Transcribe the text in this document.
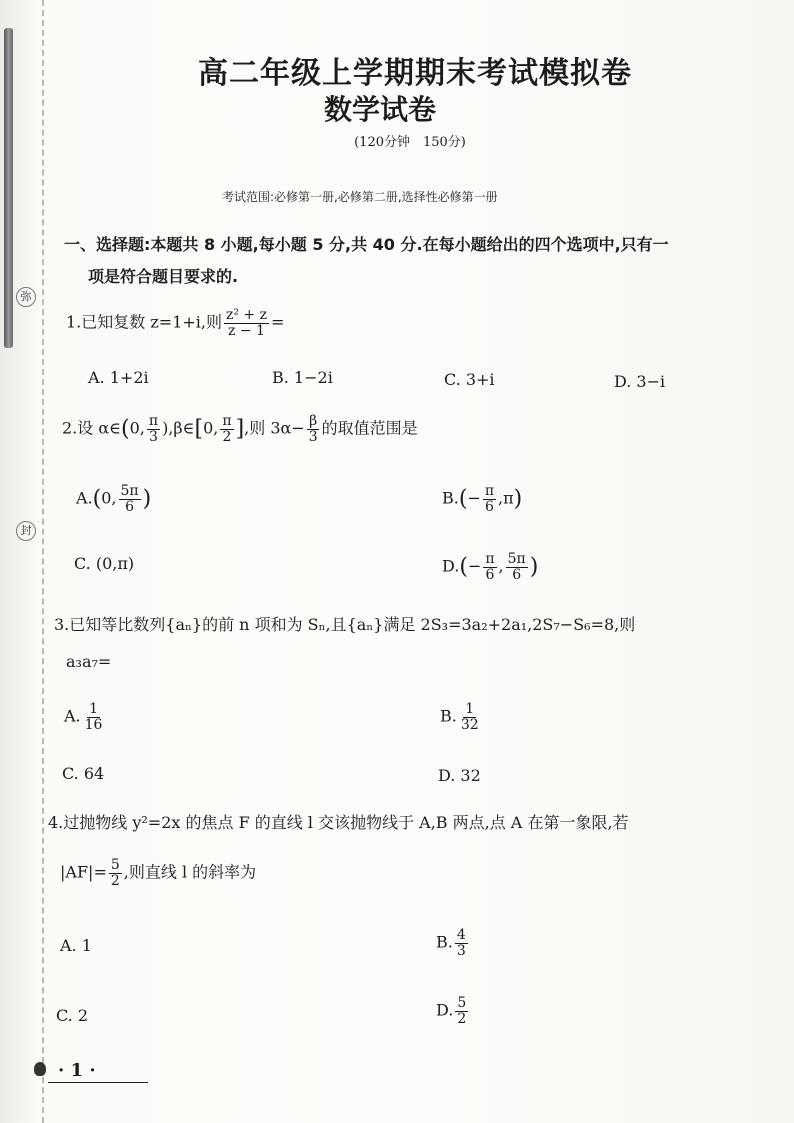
弥
封
高二年级上学期期末考试模拟卷
数学试卷
(120分钟　150分)
考试范围:必修第一册,必修第二册,选择性必修第一册
一、选择题:本题共 8 小题,每小题 5 分,共 40 分.在每小题给出的四个选项中,只有一
项是符合题目要求的.
1.已知复数 z=1+i,则 $\frac{\text{z² + z}}{z - 1}$ =
A. 1+2i	B. 1−2i	C. 3+i	D. 3−i
2.设 α∈(0, $\frac{\pi}{3}$ ),β∈[0, $\frac{\pi}{2}$ ],则 $3\alpha- \frac{\beta}{3}$ 的取值范围是
A.(0, $\frac{5\pi}{6}$ )	$B.(- \frac{\pi}{6} ,\pi)$
C. (0,π)	$D.(- \frac{\pi}{6}$ , $\frac{5\pi}{6}$ )
3.已知等比数列{aₙ}的前 n 项和为 Sₙ,且{aₙ}满足 2S₃=3a₂+2a₁,2S₇−S₆=8,则
a₃a₇=
A. $\frac{1}{16}$	B. $\frac{1}{32}$
C. 64	D. 32
4.过抛物线 y²=2x 的焦点 F 的直线 l 交该抛物线于 A,B 两点,点 A 在第一象限,若
$|AF|= \frac{5}{2}$ ,则直线 l 的斜率为
A. 1	B. $\frac{4}{3}$
C. 2	D. $\frac{5}{2}$
· 1 ·
